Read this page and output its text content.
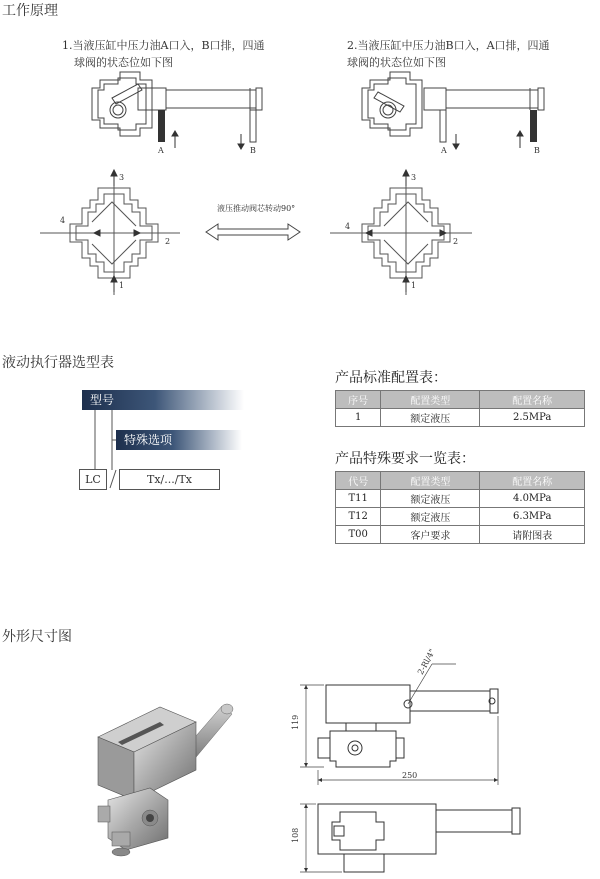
工作原理
1.当液压缸中压力油A口入，B口排，四通
球阀的状态位如下图
2.当液压缸中压力油B口入，A口排，四通
球阀的状态位如下图
A	B	A	B
3
4
2
1
液压推动阀芯转动90°
3
4
2
1
液动执行器选型表
型号
特殊选项
LC	Tx/.../Tx
产品标准配置表：
序号	配置类型	配置名称
1	额定液压	2.5MPa
产品特殊要求一览表：
代号	配置类型	配置名称
T11	额定液压	4.0MPa
T12	额定液压	6.3MPa
T00	客户要求	请附图表
外形尺寸图
2-Rl/4"
119
250
108
